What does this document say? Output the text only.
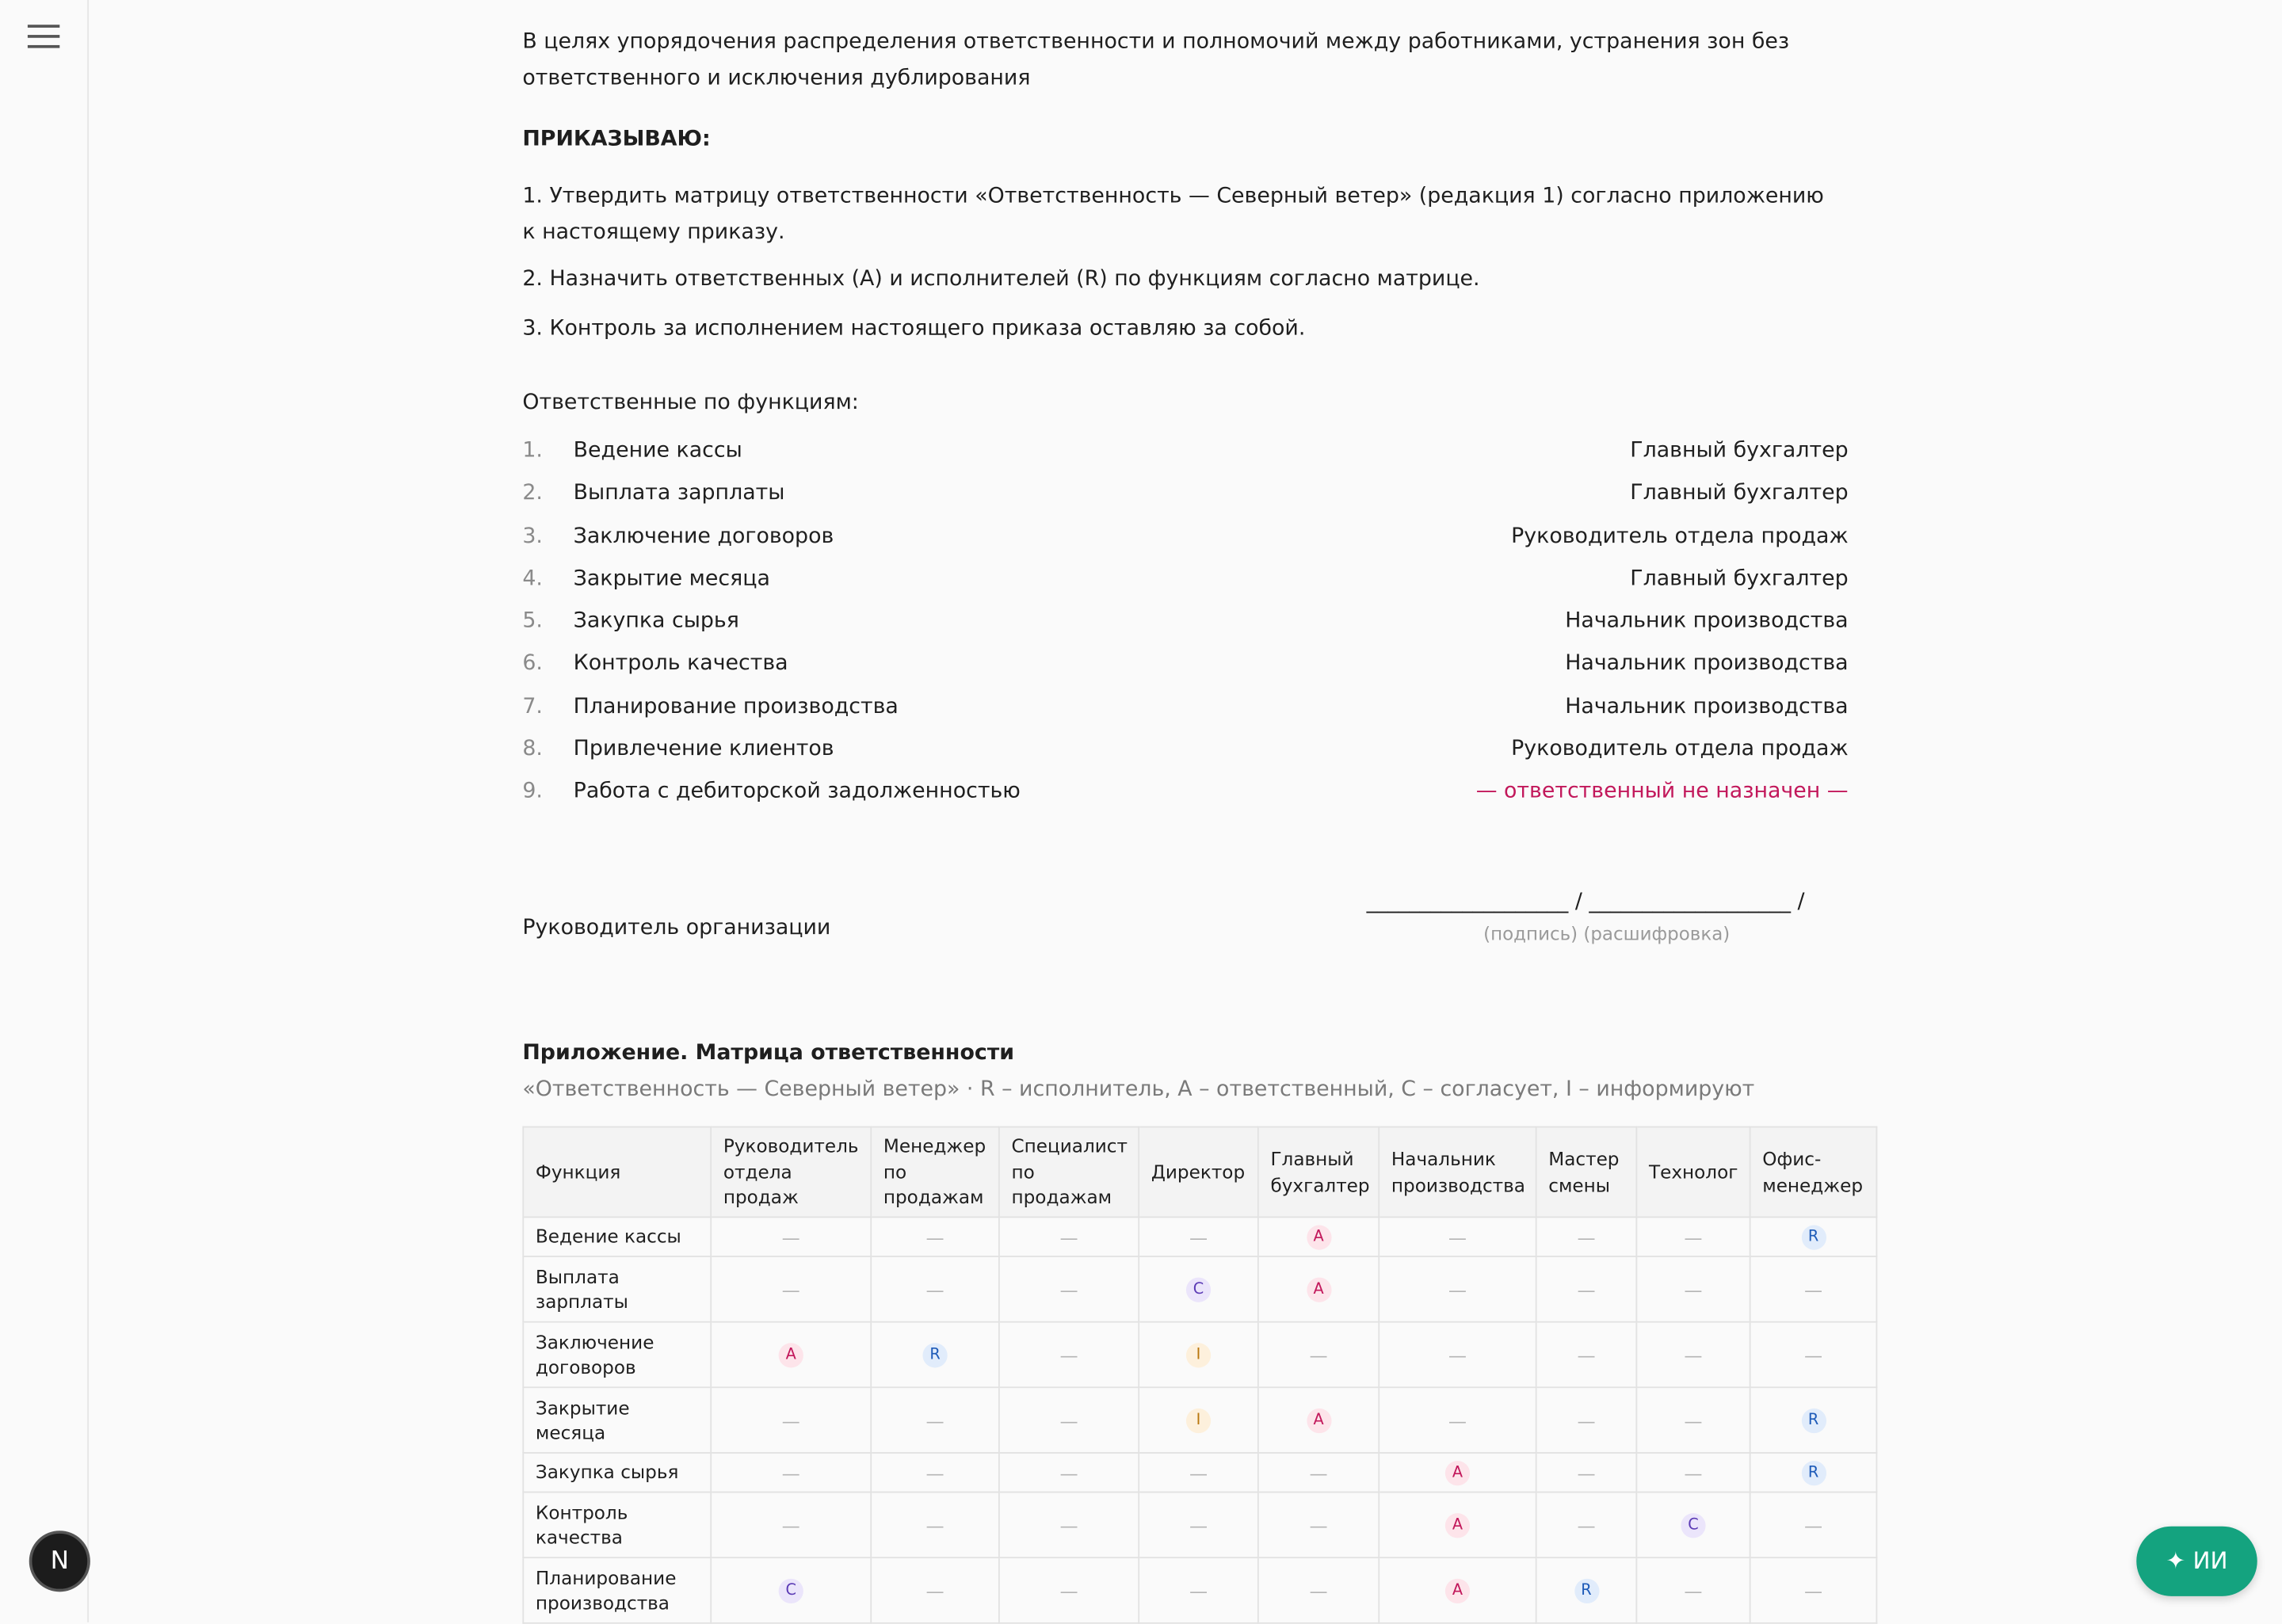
В целях упорядочения распределения ответственности и полномочий между работниками, устранения зон без ответственного и исключения дублирования

ПРИКАЗЫВАЮ:

1. Утвердить матрицу ответственности «Ответственность — Северный ветер» (редакция 1) согласно приложению к настоящему приказу.

2. Назначить ответственных (A) и исполнителей (R) по функциям согласно матрице.

3. Контроль за исполнением настоящего приказа оставляю за собой.

Ответственные по функциям:

1.	Ведение кассы	Главный бухгалтер
2.	Выплата зарплаты	Главный бухгалтер
3.	Заключение договоров	Руководитель отдела продаж
4.	Закрытие месяца	Главный бухгалтер
5.	Закупка сырья	Начальник производства
6.	Контроль качества	Начальник производства
7.	Планирование производства	Начальник производства
8.	Привлечение клиентов	Руководитель отдела продаж
9.	Работа с дебиторской задолженностью	— ответственный не назначен —
Руководитель организации
___________________ / ___________________ /
(подпись) (расшифровка)
Приложение. Матрица ответственности
«Ответственность — Северный ветер» · R – исполнитель, A – ответственный, C – согласует, I – информируют
Функция	Руководитель отдела продаж	Менеджер по продажам	Специалист по продажам	Директор	Главный бухгалтер	Начальник производства	Мастер смены	Технолог	Офис-менеджер
Ведение кассы	—	—	—	—	A	—	—	—	R
Выплата зарплаты	—	—	—	C	A	—	—	—	—
Заключение договоров	A	R	—	I	—	—	—	—	—
Закрытие месяца	—	—	—	I	A	—	—	—	R
Закупка сырья	—	—	—	—	—	A	—	—	R
Контроль качества	—	—	—	—	—	A	—	C	—
Планирование производства	C	—	—	—	—	A	R	—	—
N	✦ ИИ
